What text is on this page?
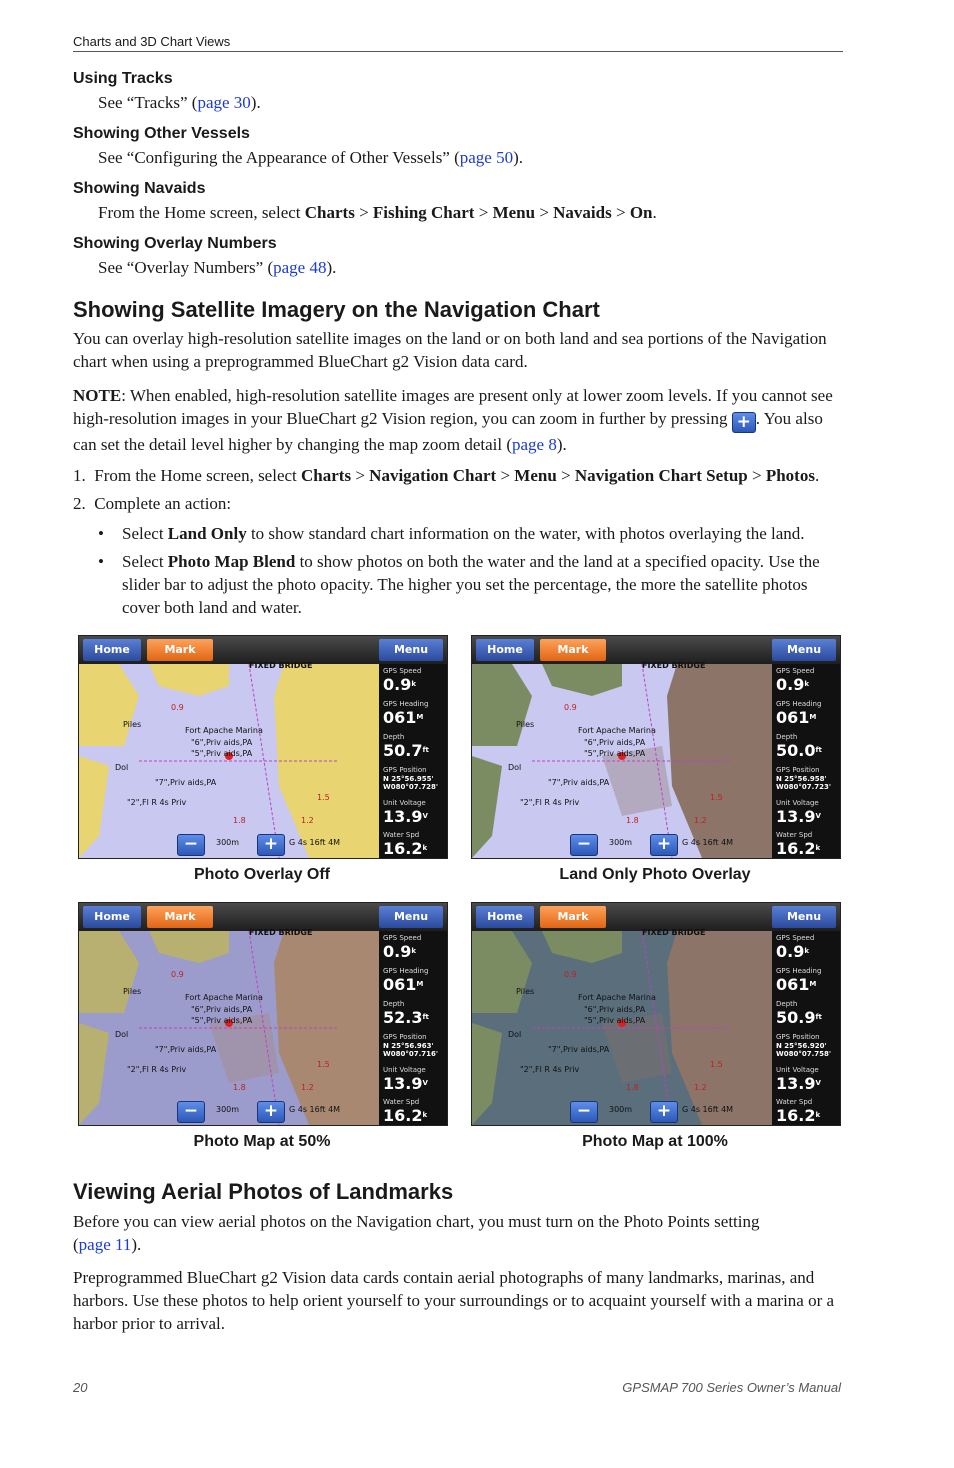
Charts and 3D Chart Views
Using Tracks
See “Tracks” (page 30).
Showing Other Vessels
See “Configuring the Appearance of Other Vessels” (page 50).
Showing Navaids
From the Home screen, select Charts > Fishing Chart > Menu > Navaids > On.
Showing Overlay Numbers
See “Overlay Numbers” (page 48).
Showing Satellite Imagery on the Navigation Chart
You can overlay high-resolution satellite images on the land or on both land and sea portions of the Navigation chart when using a preprogrammed BlueChart g2 Vision data card.
NOTE: When enabled, high-resolution satellite images are present only at lower zoom levels. If you cannot see high-resolution images in your BlueChart g2 Vision region, you can zoom in further by pressing + . You also can set the detail level higher by changing the map zoom detail (page 8).
1. From the Home screen, select Charts > Navigation Chart > Menu > Navigation Chart Setup > Photos.
2. Complete an action:
• Select Land Only to show standard chart information on the water, with photos overlaying the land.
• Select Photo Map Blend to show photos on both the water and the land at a specified opacity. Use the slider bar to adjust the photo opacity. The higher you set the percentage, the more the satellite photos cover both land and water.
Home	Mark	Menu
FIXED BRIDGE
Fort Apache Marina
"6",Priv aids,PA
"5",Priv aids,PA
"7",Priv aids,PA
"2",Fl R 4s Priv
Piles
Dol
0.9
1.8	1.2
1.5
300m	G 4s 16ft 4M
−	+
GPS Speed
0.9$^k$
GPS Heading
$061^M$
Depth
$50.7^{ft}$
GPS Position
N 25°56.955'
W080°07.728'
Unit Voltage
$13.9^V$
Water Spd
16.2$^k$
Photo Overlay Off
Home	Mark	Menu
FIXED BRIDGE
Fort Apache Marina
"6",Priv aids,PA
"5",Priv aids,PA
"7",Priv aids,PA
"2",Fl R 4s Priv
Piles
Dol
0.9
1.8	1.2
1.5
300m	G 4s 16ft 4M
−	+
GPS Speed
0.9$^k$
GPS Heading
$061^M$
Depth
$50.0^{ft}$
GPS Position
N 25°56.958'
W080°07.723'
Unit Voltage
$13.9^V$
Water Spd
16.2$^k$
Land Only Photo Overlay
Home	Mark	Menu
FIXED BRIDGE
Fort Apache Marina
"6",Priv aids,PA
"5",Priv aids,PA
"7",Priv aids,PA
"2",Fl R 4s Priv
Piles
Dol
0.9
1.8	1.2
1.5
300m	G 4s 16ft 4M
−	+
GPS Speed
0.9$^k$
GPS Heading
$061^M$
Depth
$52.3^{ft}$
GPS Position
N 25°56.963'
W080°07.716'
Unit Voltage
$13.9^V$
Water Spd
16.2$^k$
Photo Map at 50%
Home	Mark	Menu
FIXED BRIDGE
Fort Apache Marina
"6",Priv aids,PA
"5",Priv aids,PA
"7",Priv aids,PA
"2",Fl R 4s Priv
Piles
Dol
0.9
1.8	1.2
1.5
300m	G 4s 16ft 4M
−	+
GPS Speed
0.9$^k$
GPS Heading
$061^M$
Depth
$50.9^{ft}$
GPS Position
N 25°56.920'
W080°07.758'
Unit Voltage
$13.9^V$
Water Spd
16.2$^k$
Photo Map at 100%
Viewing Aerial Photos of Landmarks
Before you can view aerial photos on the Navigation chart, you must turn on the Photo Points setting (page 11).
Preprogrammed BlueChart g2 Vision data cards contain aerial photographs of many landmarks, marinas, and harbors. Use these photos to help orient yourself to your surroundings or to acquaint yourself with a marina or a harbor prior to arrival.
20	GPSMAP 700 Series Owner’s Manual
